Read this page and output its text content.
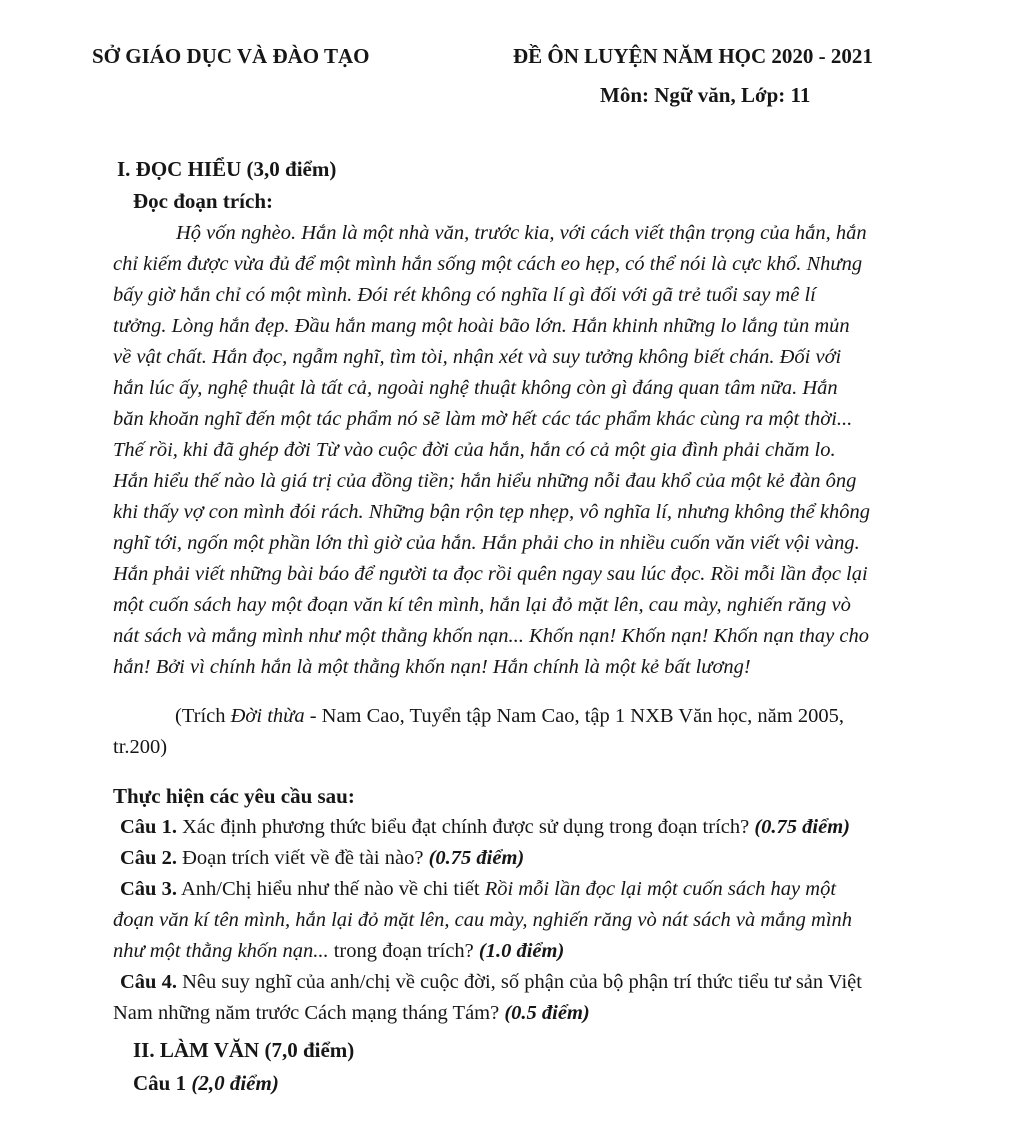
SỞ GIÁO DỤC VÀ ĐÀO TẠO	ĐỀ ÔN LUYỆN NĂM HỌC 2020 - 2021
Môn: Ngữ văn, Lớp: 11
I. ĐỌC HIỂU (3,0 điểm)
Đọc đoạn trích:
Hộ vốn nghèo. Hắn là một nhà văn, trước kia, với cách viết thận trọng của hắn, hắn
chỉ kiếm được vừa đủ để một mình hắn sống một cách eo hẹp, có thể nói là cực khổ. Nhưng
bấy giờ hắn chỉ có một mình. Đói rét không có nghĩa lí gì đối với gã trẻ tuổi say mê lí
tưởng. Lòng hắn đẹp. Đầu hắn mang một hoài bão lớn. Hắn khinh những lo lắng tủn mủn
về vật chất. Hắn đọc, ngẫm nghĩ, tìm tòi, nhận xét và suy tưởng không biết chán. Đối với
hắn lúc ấy, nghệ thuật là tất cả, ngoài nghệ thuật không còn gì đáng quan tâm nữa. Hắn
băn khoăn nghĩ đến một tác phẩm nó sẽ làm mờ hết các tác phẩm khác cùng ra một thời...
Thế rồi, khi đã ghép đời Từ vào cuộc đời của hắn, hắn có cả một gia đình phải chăm lo.
Hắn hiểu thế nào là giá trị của đồng tiền; hắn hiểu những nỗi đau khổ của một kẻ đàn ông
khi thấy vợ con mình đói rách. Những bận rộn tẹp nhẹp, vô nghĩa lí, nhưng không thể không
nghĩ tới, ngốn một phần lớn thì giờ của hắn. Hắn phải cho in nhiều cuốn văn viết vội vàng.
Hắn phải viết những bài báo để người ta đọc rồi quên ngay sau lúc đọc. Rồi mỗi lần đọc lại
một cuốn sách hay một đoạn văn kí tên mình, hắn lại đỏ mặt lên, cau mày, nghiến răng vò
nát sách và mắng mình như một thằng khốn nạn... Khốn nạn! Khốn nạn! Khốn nạn thay cho
hắn! Bởi vì chính hắn là một thằng khốn nạn! Hắn chính là một kẻ bất lương!
(Trích Đời thừa - Nam Cao, Tuyển tập Nam Cao, tập 1 NXB Văn học, năm 2005,
tr.200)
Thực hiện các yêu cầu sau:
Câu 1. Xác định phương thức biểu đạt chính được sử dụng trong đoạn trích? (0.75 điểm)
Câu 2. Đoạn trích viết về đề tài nào? (0.75 điểm)
Câu 3. Anh/Chị hiểu như thế nào về chi tiết Rồi mỗi lần đọc lại một cuốn sách hay một
đoạn văn kí tên mình, hắn lại đỏ mặt lên, cau mày, nghiến răng vò nát sách và mắng mình
như một thằng khốn nạn... trong đoạn trích? (1.0 điểm)
Câu 4. Nêu suy nghĩ của anh/chị về cuộc đời, số phận của bộ phận trí thức tiểu tư sản Việt
Nam những năm trước Cách mạng tháng Tám? (0.5 điểm)
II. LÀM VĂN (7,0 điểm)
Câu 1 (2,0 điểm)
